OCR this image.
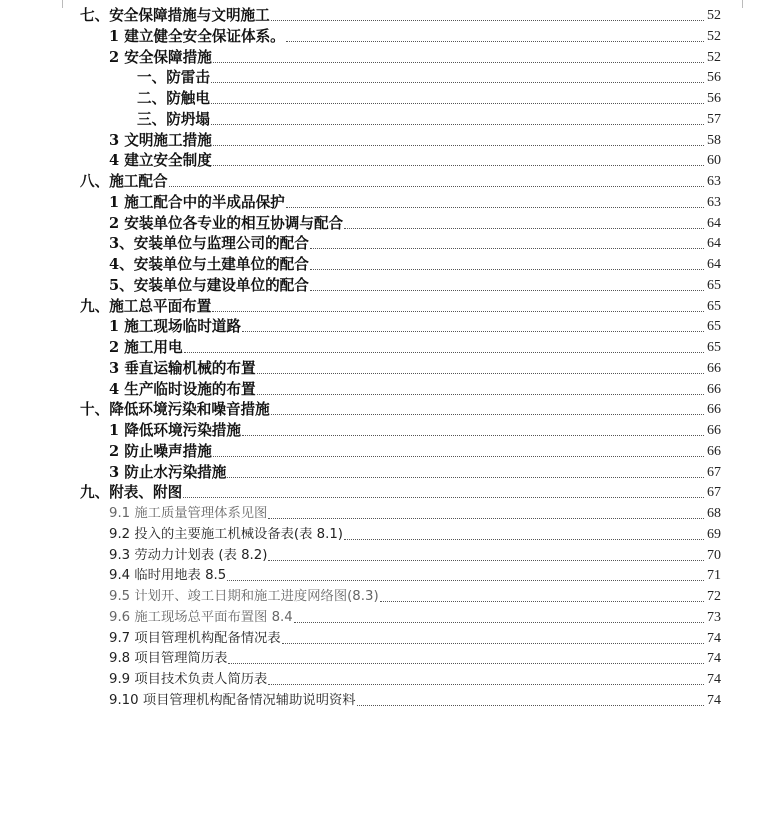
七、安全保障措施与文明施工	52
1 建立健全安全保证体系。	52
2 安全保障措施	52
一、防雷击	56
二、防触电	56
三、防坍塌	57
3 文明施工措施	58
4 建立安全制度	60
八、施工配合	63
1 施工配合中的半成品保护	63
2 安装单位各专业的相互协调与配合	64
3、安装单位与监理公司的配合	64
4、安装单位与土建单位的配合	64
5、安装单位与建设单位的配合	65
九、施工总平面布置	65
1 施工现场临时道路	65
2 施工用电	65
3 垂直运输机械的布置	66
4 生产临时设施的布置	66
十、降低环境污染和噪音措施	66
1 降低环境污染措施	66
2 防止噪声措施	66
3 防止水污染措施	67
九、附表、附图	67
9.1 施工质量管理体系见图	68
9.2 投入的主要施工机械设备表(表 8.1)	69
9.3 劳动力计划表 (表 8.2)	70
9.4 临时用地表 8.5	71
9.5 计划开、竣工日期和施工进度网络图(8.3)	72
9.6 施工现场总平面布置图 8.4	73
9.7 项目管理机构配备情况表	74
9.8 项目管理简历表	74
9.9 项目技术负责人简历表	74
9.10 项目管理机构配备情况辅助说明资料	74
